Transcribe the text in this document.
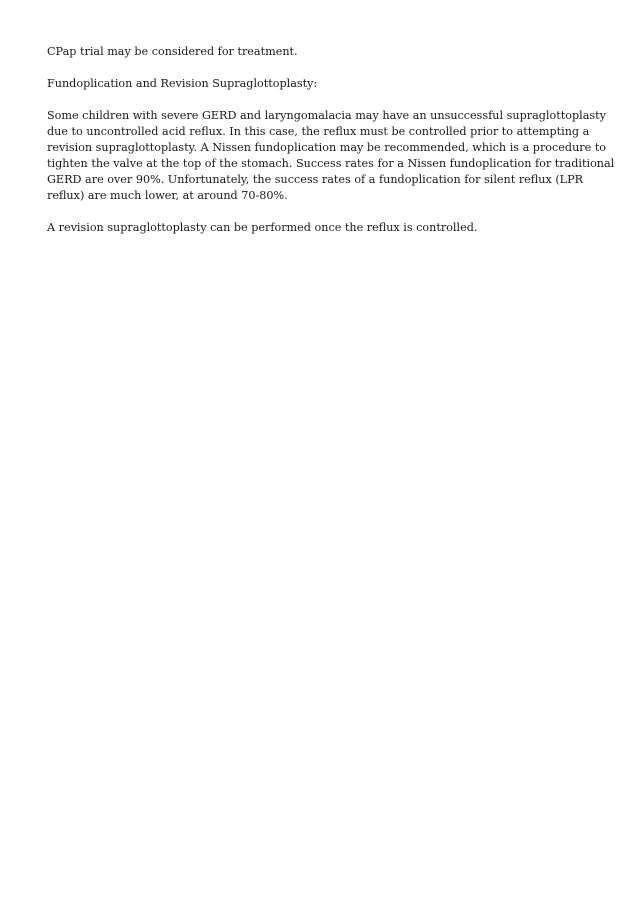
CPap trial may be considered for treatment.

Fundoplication and Revision Supraglottoplasty:

Some children with severe GERD and laryngomalacia may have an unsuccessful supraglottoplasty
due to uncontrolled acid reflux. In this case, the reflux must be controlled prior to attempting a
revision supraglottoplasty. A Nissen fundoplication may be recommended, which is a procedure to
tighten the valve at the top of the stomach. Success rates for a Nissen fundoplication for traditional
GERD are over 90%. Unfortunately, the success rates of a fundoplication for silent reflux (LPR
reflux) are much lower, at around 70-80%.

A revision supraglottoplasty can be performed once the reflux is controlled.
